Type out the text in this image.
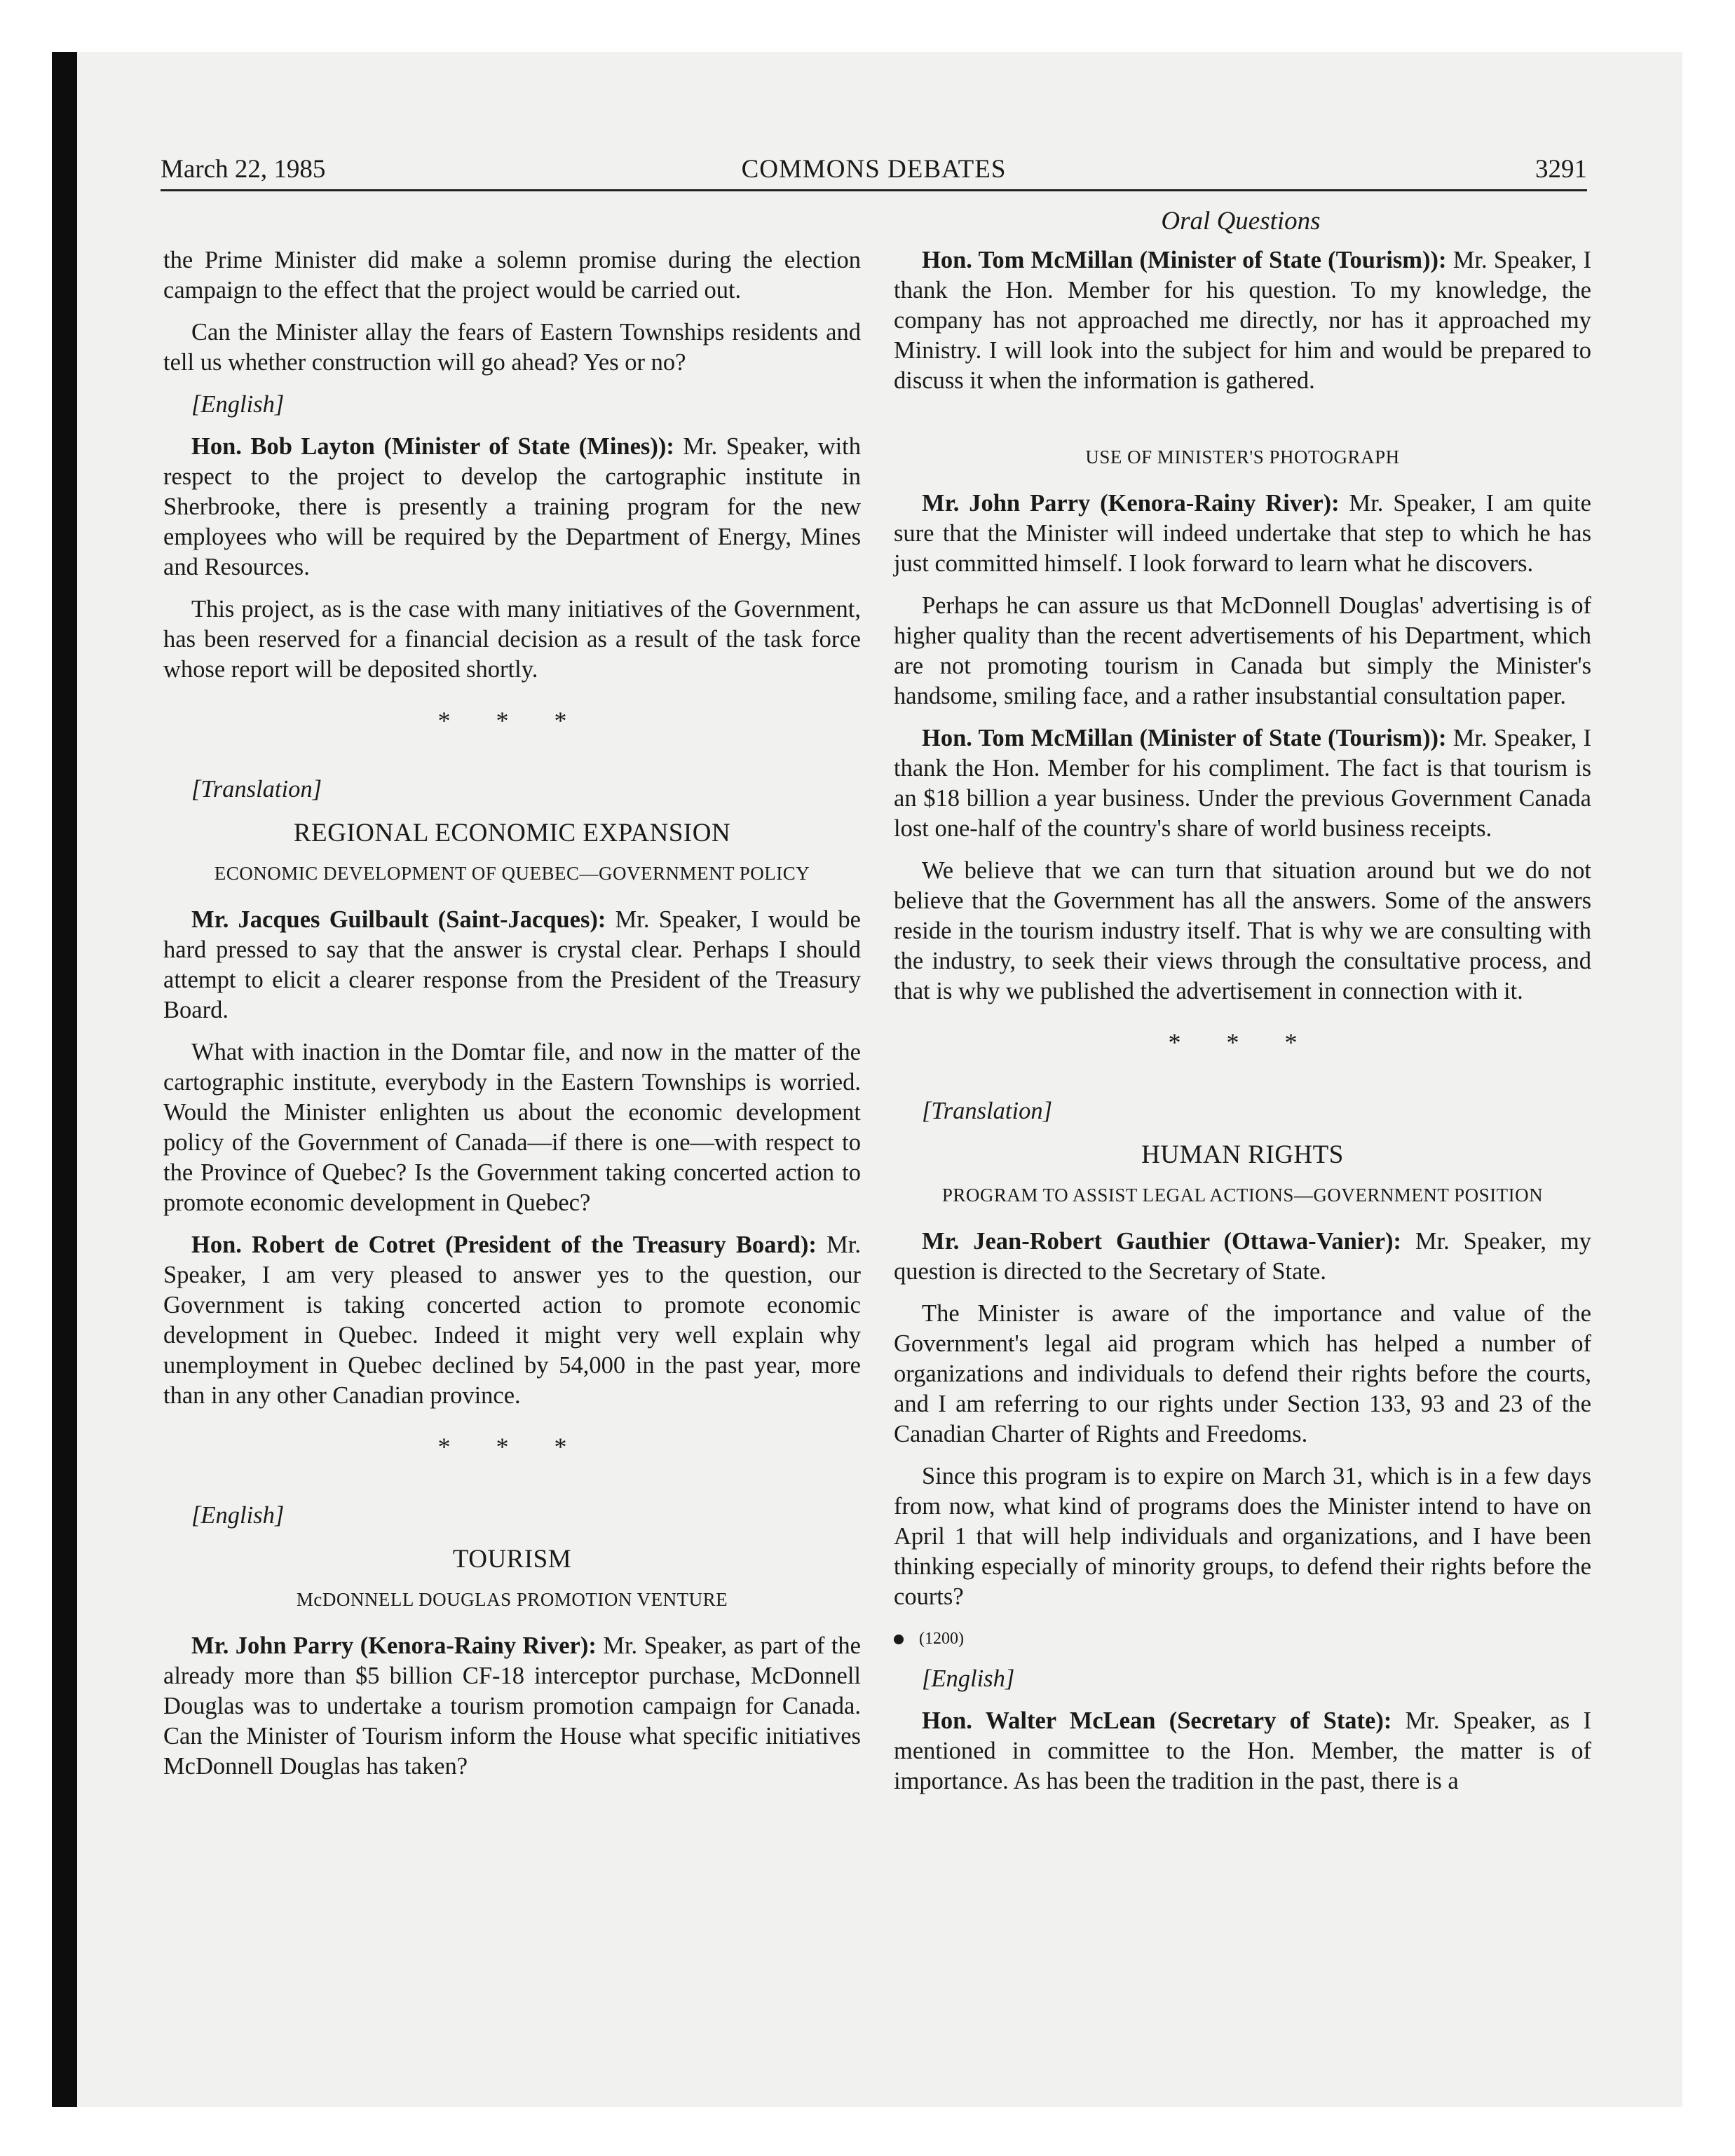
March 22, 1985	COMMONS DEBATES	3291
Oral Questions

the Prime Minister did make a solemn promise during the election campaign to the effect that the project would be carried out.

Can the Minister allay the fears of Eastern Townships residents and tell us whether construction will go ahead? Yes or no?

[English]

Hon. Bob Layton (Minister of State (Mines)): Mr. Speaker, with respect to the project to develop the cartographic institute in Sherbrooke, there is presently a training program for the new employees who will be required by the Department of Energy, Mines and Resources.

This project, as is the case with many initiatives of the Government, has been reserved for a financial decision as a result of the task force whose report will be deposited shortly.

* * *

[Translation]

REGIONAL ECONOMIC EXPANSION
ECONOMIC DEVELOPMENT OF QUEBEC—GOVERNMENT POLICY

Mr. Jacques Guilbault (Saint-Jacques): Mr. Speaker, I would be hard pressed to say that the answer is crystal clear. Perhaps I should attempt to elicit a clearer response from the President of the Treasury Board.

What with inaction in the Domtar file, and now in the matter of the cartographic institute, everybody in the Eastern Townships is worried. Would the Minister enlighten us about the economic development policy of the Government of Canada—if there is one—with respect to the Province of Quebec? Is the Government taking concerted action to promote economic development in Quebec?

Hon. Robert de Cotret (President of the Treasury Board): Mr. Speaker, I am very pleased to answer yes to the question, our Government is taking concerted action to promote economic development in Quebec. Indeed it might very well explain why unemployment in Quebec declined by 54,000 in the past year, more than in any other Canadian province.

* * *

[English]

TOURISM
McDONNELL DOUGLAS PROMOTION VENTURE

Mr. John Parry (Kenora-Rainy River): Mr. Speaker, as part of the already more than $5 billion CF-18 interceptor purchase, McDonnell Douglas was to undertake a tourism promotion campaign for Canada. Can the Minister of Tourism inform the House what specific initiatives McDonnell Douglas has taken?

Hon. Tom McMillan (Minister of State (Tourism)): Mr. Speaker, I thank the Hon. Member for his question. To my knowledge, the company has not approached me directly, nor has it approached my Ministry. I will look into the subject for him and would be prepared to discuss it when the information is gathered.

USE OF MINISTER'S PHOTOGRAPH

Mr. John Parry (Kenora-Rainy River): Mr. Speaker, I am quite sure that the Minister will indeed undertake that step to which he has just committed himself. I look forward to learn what he discovers.

Perhaps he can assure us that McDonnell Douglas' advertising is of higher quality than the recent advertisements of his Department, which are not promoting tourism in Canada but simply the Minister's handsome, smiling face, and a rather insubstantial consultation paper.

Hon. Tom McMillan (Minister of State (Tourism)): Mr. Speaker, I thank the Hon. Member for his compliment. The fact is that tourism is an $18 billion a year business. Under the previous Government Canada lost one-half of the country's share of world business receipts.

We believe that we can turn that situation around but we do not believe that the Government has all the answers. Some of the answers reside in the tourism industry itself. That is why we are consulting with the industry, to seek their views through the consultative process, and that is why we published the advertisement in connection with it.

* * *

[Translation]

HUMAN RIGHTS
PROGRAM TO ASSIST LEGAL ACTIONS—GOVERNMENT POSITION

Mr. Jean-Robert Gauthier (Ottawa-Vanier): Mr. Speaker, my question is directed to the Secretary of State.

The Minister is aware of the importance and value of the Government's legal aid program which has helped a number of organizations and individuals to defend their rights before the courts, and I am referring to our rights under Section 133, 93 and 23 of the Canadian Charter of Rights and Freedoms.

Since this program is to expire on March 31, which is in a few days from now, what kind of programs does the Minister intend to have on April 1 that will help individuals and organizations, and I have been thinking especially of minority groups, to defend their rights before the courts?

(1200)

[English]

Hon. Walter McLean (Secretary of State): Mr. Speaker, as I mentioned in committee to the Hon. Member, the matter is of importance. As has been the tradition in the past, there is a
